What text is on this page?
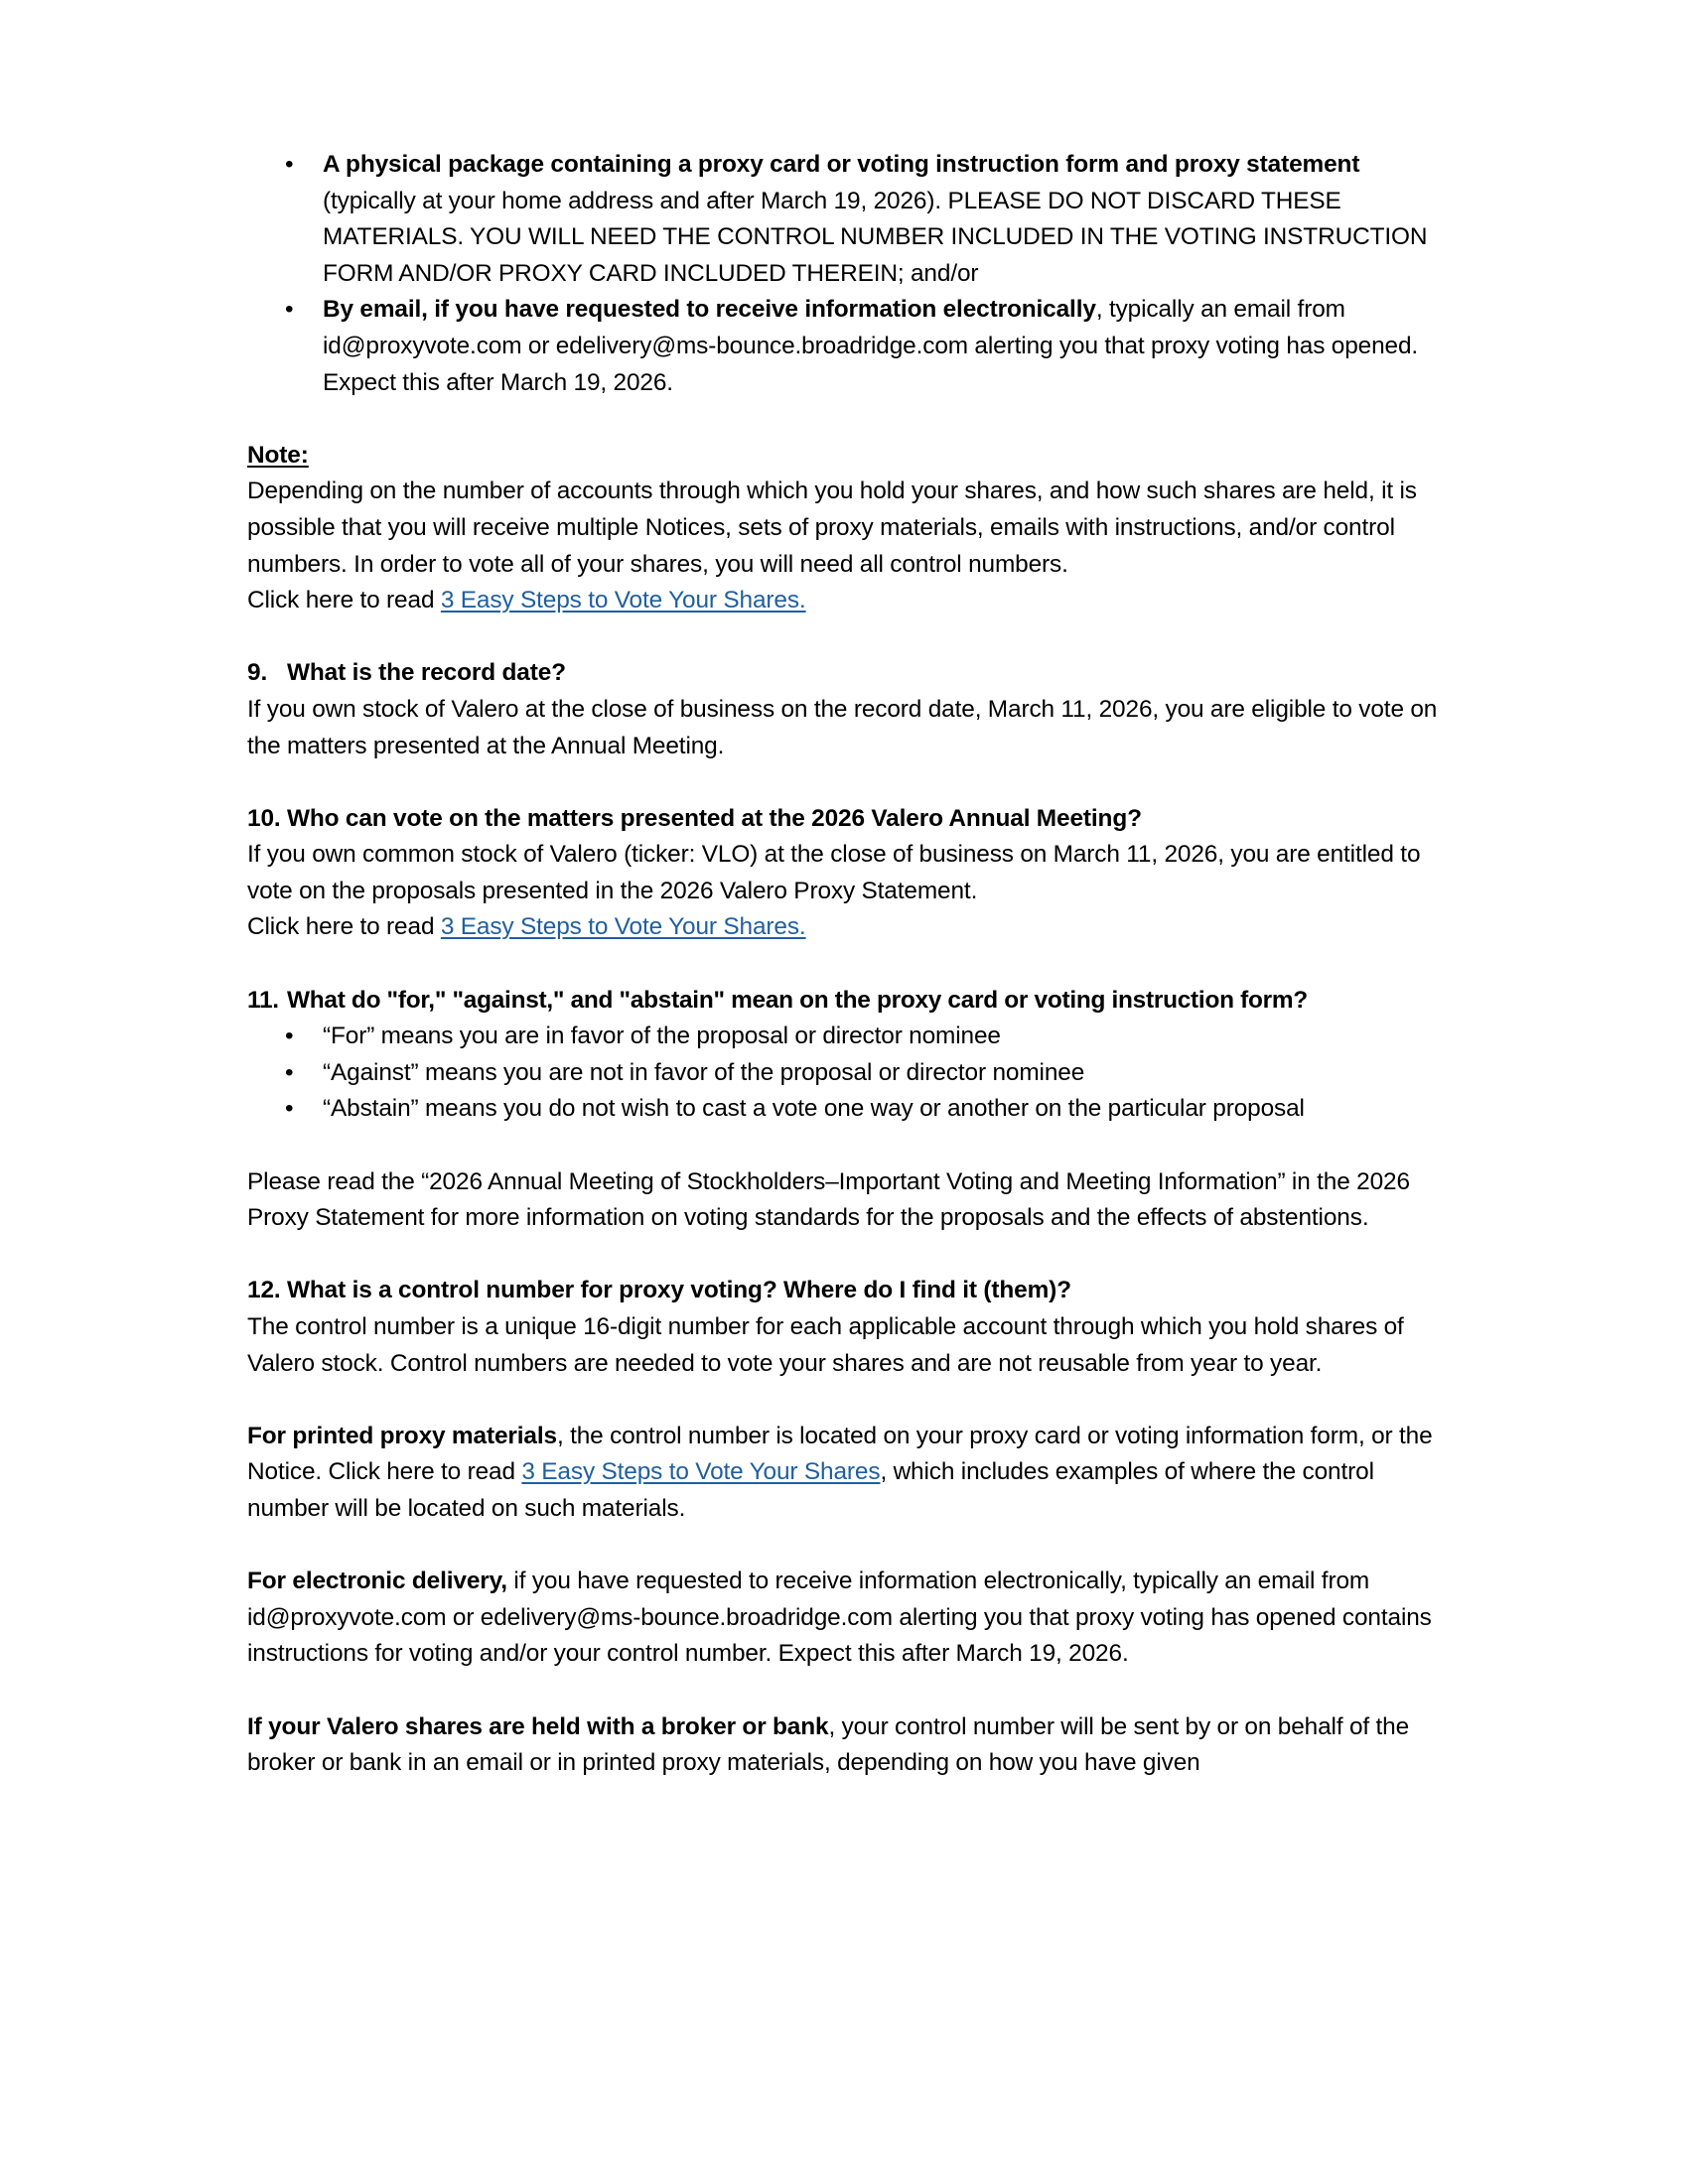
• A physical package containing a proxy card or voting instruction form and proxy statement (typically at your home address and after March 19, 2026). PLEASE DO NOT DISCARD THESE MATERIALS. YOU WILL NEED THE CONTROL NUMBER INCLUDED IN THE VOTING INSTRUCTION FORM AND/OR PROXY CARD INCLUDED THEREIN; and/or
• By email, if you have requested to receive information electronically, typically an email from id@proxyvote.com or edelivery@ms-bounce.broadridge.com alerting you that proxy voting has opened. Expect this after March 19, 2026.

Note:

Depending on the number of accounts through which you hold your shares, and how such shares are held, it is possible that you will receive multiple Notices, sets of proxy materials, emails with instructions, and/or control numbers. In order to vote all of your shares, you will need all control numbers.

Click here to read 3 Easy Steps to Vote Your Shares.

9. What is the record date?

If you own stock of Valero at the close of business on the record date, March 11, 2026, you are eligible to vote on the matters presented at the Annual Meeting.

10. Who can vote on the matters presented at the 2026 Valero Annual Meeting?

If you own common stock of Valero (ticker: VLO) at the close of business on March 11, 2026, you are entitled to vote on the proposals presented in the 2026 Valero Proxy Statement.

Click here to read 3 Easy Steps to Vote Your Shares.

11. What do "for," "against," and "abstain" mean on the proxy card or voting instruction form?
• “For” means you are in favor of the proposal or director nominee
• “Against” means you are not in favor of the proposal or director nominee
• “Abstain” means you do not wish to cast a vote one way or another on the particular proposal

Please read the “2026 Annual Meeting of Stockholders–Important Voting and Meeting Information” in the 2026 Proxy Statement for more information on voting standards for the proposals and the effects of abstentions.

12. What is a control number for proxy voting? Where do I find it (them)?

The control number is a unique 16-digit number for each applicable account through which you hold shares of Valero stock. Control numbers are needed to vote your shares and are not reusable from year to year.

For printed proxy materials, the control number is located on your proxy card or voting information form, or the Notice. Click here to read 3 Easy Steps to Vote Your Shares, which includes examples of where the control number will be located on such materials.

For electronic delivery, if you have requested to receive information electronically, typically an email from id@proxyvote.com or edelivery@ms-bounce.broadridge.com alerting you that proxy voting has opened contains instructions for voting and/or your control number. Expect this after March 19, 2026.

If your Valero shares are held with a broker or bank, your control number will be sent by or on behalf of the broker or bank in an email or in printed proxy materials, depending on how you have given
